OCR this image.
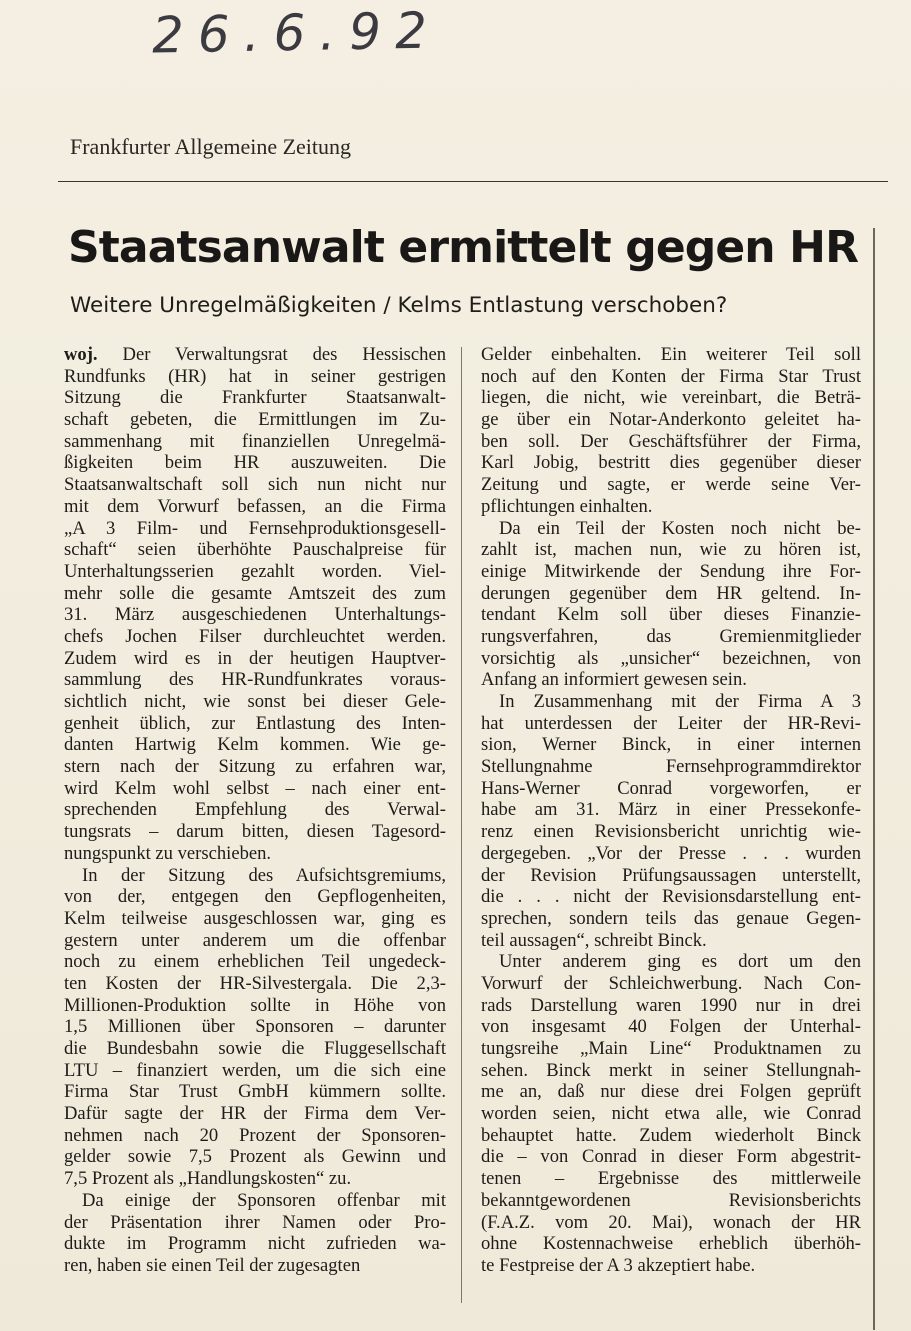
26.6.92
Frankfurter Allgemeine Zeitung
Staatsanwalt ermittelt gegen HR
Weitere Unregelmäßigkeiten / Kelms Entlastung verschoben?
woj. Der Verwaltungsrat des Hessischen
Rundfunks (HR) hat in seiner gestrigen
Sitzung die Frankfurter Staatsanwalt-
schaft gebeten, die Ermittlungen im Zu-
sammenhang mit finanziellen Unregelmä-
ßigkeiten beim HR auszuweiten. Die
Staatsanwaltschaft soll sich nun nicht nur
mit dem Vorwurf befassen, an die Firma
„A 3 Film- und Fernsehproduktionsgesell-
schaft“ seien überhöhte Pauschalpreise für
Unterhaltungsserien gezahlt worden. Viel-
mehr solle die gesamte Amtszeit des zum
31. März ausgeschiedenen Unterhaltungs-
chefs Jochen Filser durchleuchtet werden.
Zudem wird es in der heutigen Hauptver-
sammlung des HR-Rundfunkrates voraus-
sichtlich nicht, wie sonst bei dieser Gele-
genheit üblich, zur Entlastung des Inten-
danten Hartwig Kelm kommen. Wie ge-
stern nach der Sitzung zu erfahren war,
wird Kelm wohl selbst – nach einer ent-
sprechenden Empfehlung des Verwal-
tungsrats – darum bitten, diesen Tagesord-
nungspunkt zu verschieben.
In der Sitzung des Aufsichtsgremiums,
von der, entgegen den Gepflogenheiten,
Kelm teilweise ausgeschlossen war, ging es
gestern unter anderem um die offenbar
noch zu einem erheblichen Teil ungedeck-
ten Kosten der HR-Silvestergala. Die 2,3-
Millionen-Produktion sollte in Höhe von
1,5 Millionen über Sponsoren – darunter
die Bundesbahn sowie die Fluggesellschaft
LTU – finanziert werden, um die sich eine
Firma Star Trust GmbH kümmern sollte.
Dafür sagte der HR der Firma dem Ver-
nehmen nach 20 Prozent der Sponsoren-
gelder sowie 7,5 Prozent als Gewinn und
7,5 Prozent als „Handlungskosten“ zu.
Da einige der Sponsoren offenbar mit
der Präsentation ihrer Namen oder Pro-
dukte im Programm nicht zufrieden wa-
ren, haben sie einen Teil der zugesagten
Gelder einbehalten. Ein weiterer Teil soll
noch auf den Konten der Firma Star Trust
liegen, die nicht, wie vereinbart, die Beträ-
ge über ein Notar-Anderkonto geleitet ha-
ben soll. Der Geschäftsführer der Firma,
Karl Jobig, bestritt dies gegenüber dieser
Zeitung und sagte, er werde seine Ver-
pflichtungen einhalten.
Da ein Teil der Kosten noch nicht be-
zahlt ist, machen nun, wie zu hören ist,
einige Mitwirkende der Sendung ihre For-
derungen gegenüber dem HR geltend. In-
tendant Kelm soll über dieses Finanzie-
rungsverfahren, das Gremienmitglieder
vorsichtig als „unsicher“ bezeichnen, von
Anfang an informiert gewesen sein.
In Zusammenhang mit der Firma A 3
hat unterdessen der Leiter der HR-Revi-
sion, Werner Binck, in einer internen
Stellungnahme Fernsehprogrammdirektor
Hans-Werner Conrad vorgeworfen, er
habe am 31. März in einer Pressekonfe-
renz einen Revisionsbericht unrichtig wie-
dergegeben. „Vor der Presse . . . wurden
der Revision Prüfungsaussagen unterstellt,
die . . . nicht der Revisionsdarstellung ent-
sprechen, sondern teils das genaue Gegen-
teil aussagen“, schreibt Binck.
Unter anderem ging es dort um den
Vorwurf der Schleichwerbung. Nach Con-
rads Darstellung waren 1990 nur in drei
von insgesamt 40 Folgen der Unterhal-
tungsreihe „Main Line“ Produktnamen zu
sehen. Binck merkt in seiner Stellungnah-
me an, daß nur diese drei Folgen geprüft
worden seien, nicht etwa alle, wie Conrad
behauptet hatte. Zudem wiederholt Binck
die – von Conrad in dieser Form abgestrit-
tenen – Ergebnisse des mittlerweile
bekanntgewordenen Revisionsberichts
(F.A.Z. vom 20. Mai), wonach der HR
ohne Kostennachweise erheblich überhöh-
te Festpreise der A 3 akzeptiert habe.
